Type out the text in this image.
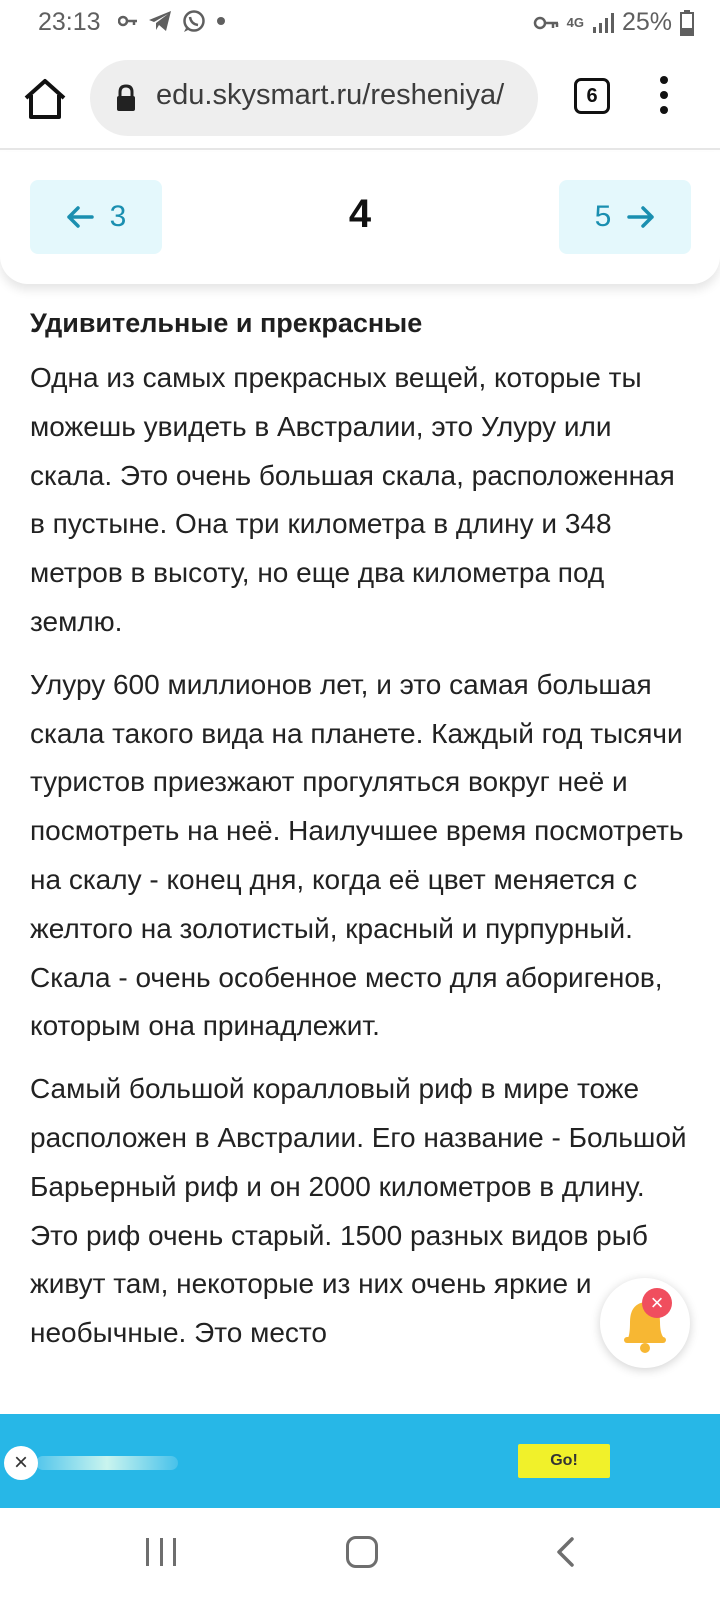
23:13	4G 25%
edu.skysmart.ru/resheniya/	6
3	4	5
Удивительные и прекрасные

Одна из самых прекрасных вещей, которые ты можешь увидеть в Австралии, это Улуру или скала. Это очень большая скала, расположенная в пустыне. Она три километра в длину и 348 метров в высоту, но еще два километра под землю.

Улуру 600 миллионов лет, и это самая большая скала такого вида на планете. Каждый год тысячи туристов приезжают прогуляться вокруг неё и посмотреть на неё. Наилучшее время посмотреть на скалу - конец дня, когда её цвет меняется с желтого на золотистый, красный и пурпурный. Скала - очень особенное место для аборигенов, которым она принадлежит.

Самый большой коралловый риф в мире тоже расположен в Австралии. Его название - Большой Барьерный риф и он 2000 километров в длину. Это риф очень старый. 1500 разных видов рыб живут там, некоторые из них очень яркие и необычные. Это место

×
×	Go!
